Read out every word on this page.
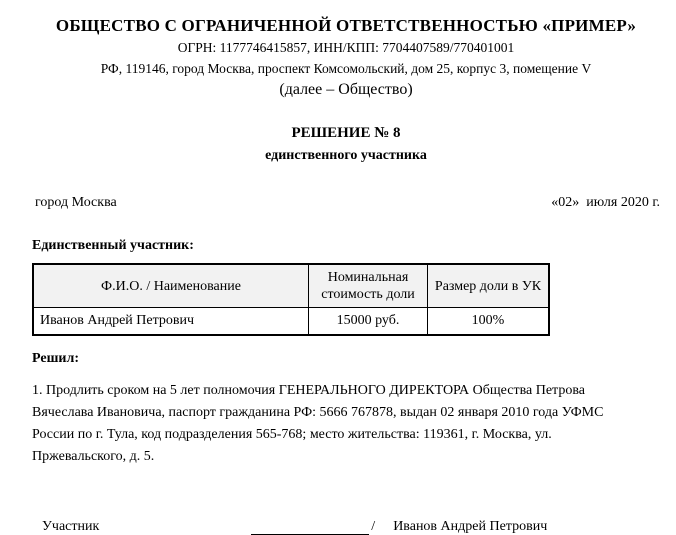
ОБЩЕСТВО С ОГРАНИЧЕННОЙ ОТВЕТСТВЕННОСТЬЮ «ПРИМЕР»
ОГРН: 1177746415857, ИНН/КПП: 7704407589/770401001
РФ, 119146, город Москва, проспект Комсомольский, дом 25, корпус 3, помещение V
(далее – Общество)
РЕШЕНИЕ № 8
единственного участника
город Москва	«02»  июля 2020 г.
Единственный участник:
Ф.И.О. / Наименование	Номинальная стоимость доли	Размер доли в УК
Иванов Андрей Петрович	15000 руб.	100%
Решил:

1. Продлить сроком на 5 лет полномочия ГЕНЕРАЛЬНОГО ДИРЕКТОРА Общества Петрова Вячеслава Ивановича, паспорт гражданина РФ: 5666 767878, выдан 02 января 2010 года УФМС России по г. Тула, код подразделения 565-768; место жительства: 119361, г. Москва, ул. Пржевальского, д. 5.

Участник	/ Иванов Андрей Петрович
